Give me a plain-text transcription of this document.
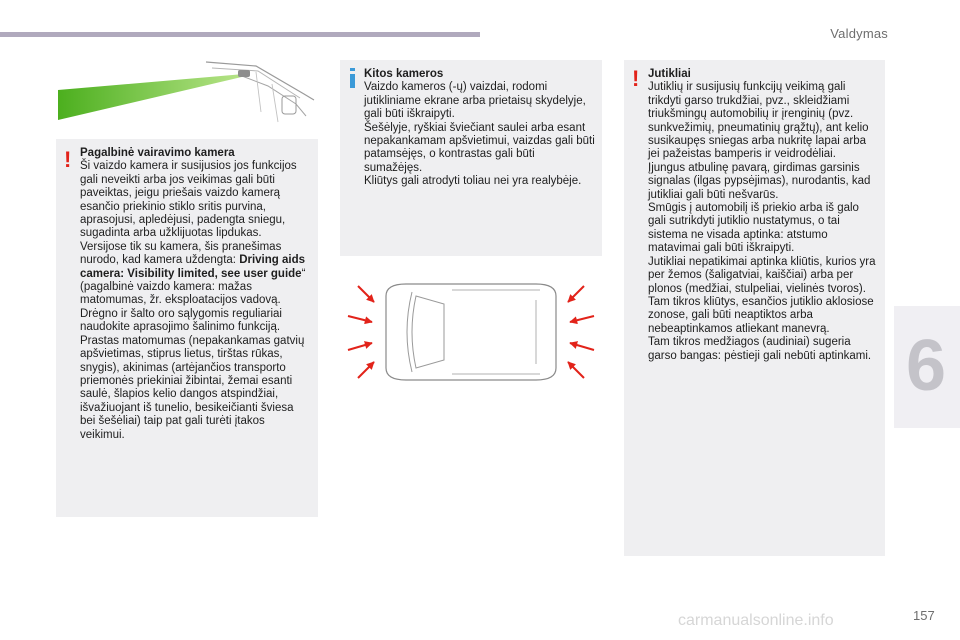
Valdymas
! Pagalbinė vairavimo kamera

Ši vaizdo kamera ir susijusios jos funkcijos gali neveikti arba jos veikimas gali būti paveiktas, jeigu priešais vaizdo kamerą esančio priekinio stiklo sritis purvina, aprasojusi, apledėjusi, padengta sniegu, sugadinta arba užklijuotas lipdukas.

Versijose tik su kamera, šis pranešimas nurodo, kad kamera uždengta: Driving aids camera: Visibility limited, see user guide“ (pagalbinė vaizdo kamera: mažas matomumas, žr. eksploatacijos vadovą.

Drėgno ir šalto oro sąlygomis reguliariai naudokite aprasojimo šalinimo funkciją.

Prastas matomumas (nepakankamas gatvių apšvietimas, stiprus lietus, tirštas rūkas, snygis), akinimas (artėjančios transporto priemonės priekiniai žibintai, žemai esanti saulė, šlapios kelio dangos atspindžiai, išvažiuojant iš tunelio, besikeičianti šviesa bei šešėliai) taip pat gali turėti įtakos veikimui.

Kitos kameros

Vaizdo kameros (-ų) vaizdai, rodomi jutikliniame ekrane arba prietaisų skydelyje, gali būti iškraipyti.

Šešėlyje, ryškiai šviečiant saulei arba esant nepakankamam apšvietimui, vaizdas gali būti patamsėjęs, o kontrastas gali būti sumažėjęs.

Kliūtys gali atrodyti toliau nei yra realybėje.

! Jutikliai

Jutiklių ir susijusių funkcijų veikimą gali trikdyti garso trukdžiai, pvz., skleidžiami triukšmingų automobilių ir įrenginių (pvz. sunkvežimių, pneumatinių grąžtų), ant kelio susikaupęs sniegas arba nukritę lapai arba jei pažeistas bamperis ir veidrodėliai.

Įjungus atbulinę pavarą, girdimas garsinis signalas (ilgas pypsėjimas), nurodantis, kad jutikliai gali būti nešvarūs.

Smūgis į automobilį iš priekio arba iš galo gali sutrikdyti jutiklio nustatymus, o tai sistema ne visada aptinka: atstumo matavimai gali būti iškraipyti.

Jutikliai nepatikimai aptinka kliūtis, kurios yra per žemos (šaligatviai, kaiščiai) arba per plonos (medžiai, stulpeliai, vielinės tvoros).

Tam tikros kliūtys, esančios jutiklio aklosiose zonose, gali būti neaptiktos arba nebeaptinkamos atliekant manevrą.

Tam tikros medžiagos (audiniai) sugeria garso bangas: pėstieji gali nebūti aptinkami. 6
carmanualsonline.info	157
